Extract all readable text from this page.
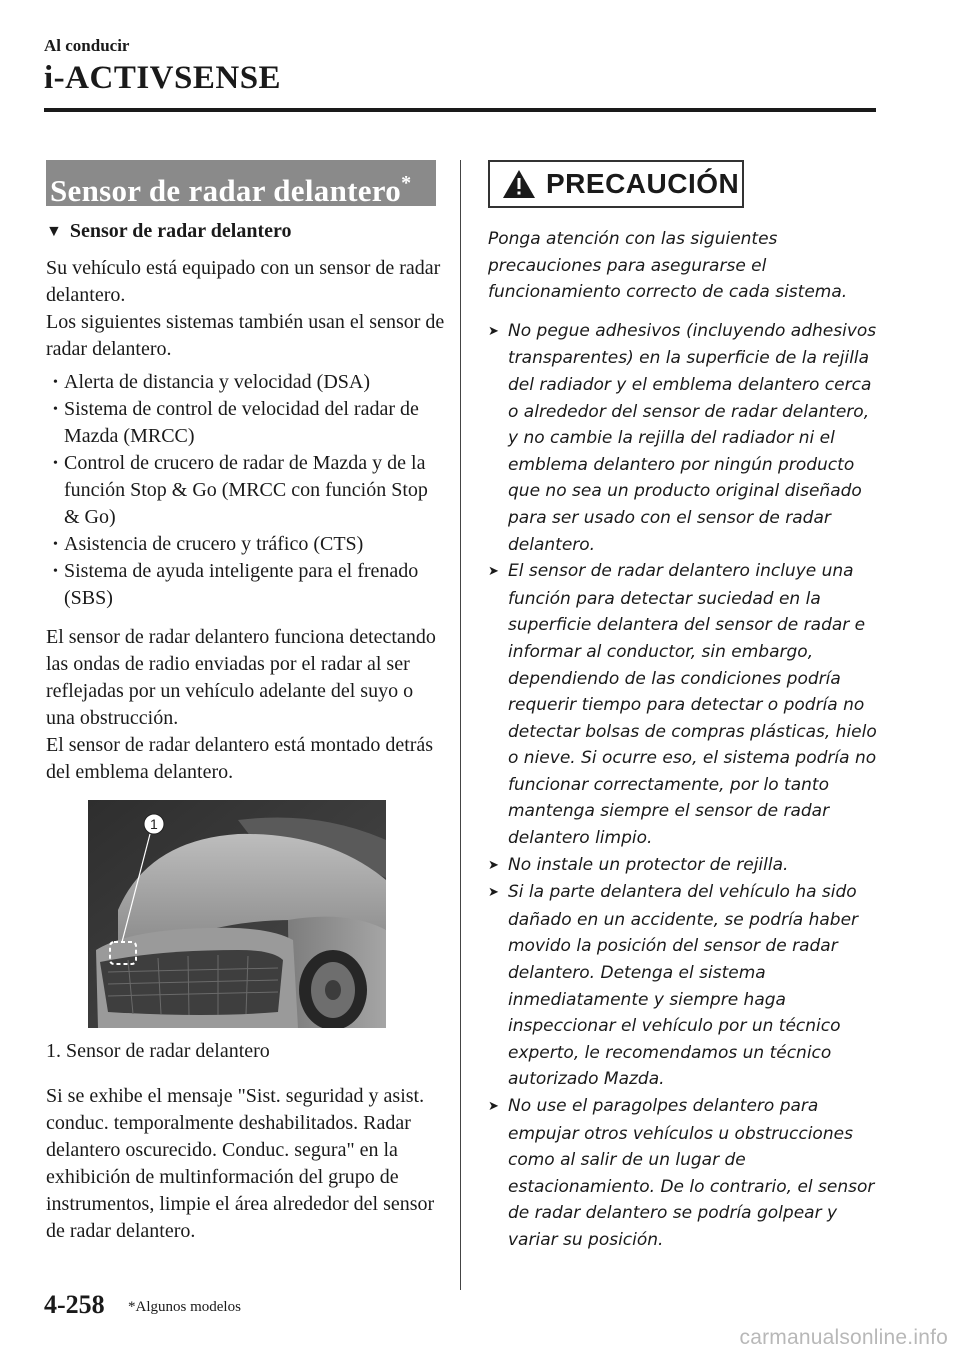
Al conducir
i-ACTIVSENSE
Sensor de radar delantero*
▼ Sensor de radar delantero

Su vehículo está equipado con un sensor de radar delantero.

Los siguientes sistemas también usan el sensor de radar delantero.

• Alerta de distancia y velocidad (DSA)
• Sistema de control de velocidad del radar de Mazda (MRCC)
• Control de crucero de radar de Mazda y de la función Stop & Go (MRCC con función Stop & Go)
• Asistencia de crucero y tráfico (CTS)
• Sistema de ayuda inteligente para el frenado (SBS)

El sensor de radar delantero funciona detectando las ondas de radio enviadas por el radar al ser reflejadas por un vehículo adelante del suyo o una obstrucción.

El sensor de radar delantero está montado detrás del emblema delantero.

1
1. Sensor de radar delantero

Si se exhibe el mensaje "Sist. seguridad y asist. conduc. temporalmente deshabilitados. Radar delantero oscurecido. Conduc. segura" en la exhibición de multinformación del grupo de instrumentos, limpie el área alrededor del sensor de radar delantero.

PRECAUCIÓN

Ponga atención con las siguientes precauciones para asegurarse el funcionamiento correcto de cada sistema.

➤ No pegue adhesivos (incluyendo adhesivos transparentes) en la superficie de la rejilla del radiador y el emblema delantero cerca o alrededor del sensor de radar delantero, y no cambie la rejilla del radiador ni el emblema delantero por ningún producto que no sea un producto original diseñado para ser usado con el sensor de radar delantero.
➤ El sensor de radar delantero incluye una función para detectar suciedad en la superficie delantera del sensor de radar e informar al conductor, sin embargo, dependiendo de las condiciones podría requerir tiempo para detectar o podría no detectar bolsas de compras plásticas, hielo o nieve. Si ocurre eso, el sistema podría no funcionar correctamente, por lo tanto mantenga siempre el sensor de radar delantero limpio.
➤ No instale un protector de rejilla.
➤ Si la parte delantera del vehículo ha sido dañado en un accidente, se podría haber movido la posición del sensor de radar delantero. Detenga el sistema inmediatamente y siempre haga inspeccionar el vehículo por un técnico experto, le recomendamos un técnico autorizado Mazda.
➤ No use el paragolpes delantero para empujar otros vehículos u obstrucciones como al salir de un lugar de estacionamiento. De lo contrario, el sensor de radar delantero se podría golpear y variar su posición.
4-258 *Algunos modelos
carmanualsonline.info
